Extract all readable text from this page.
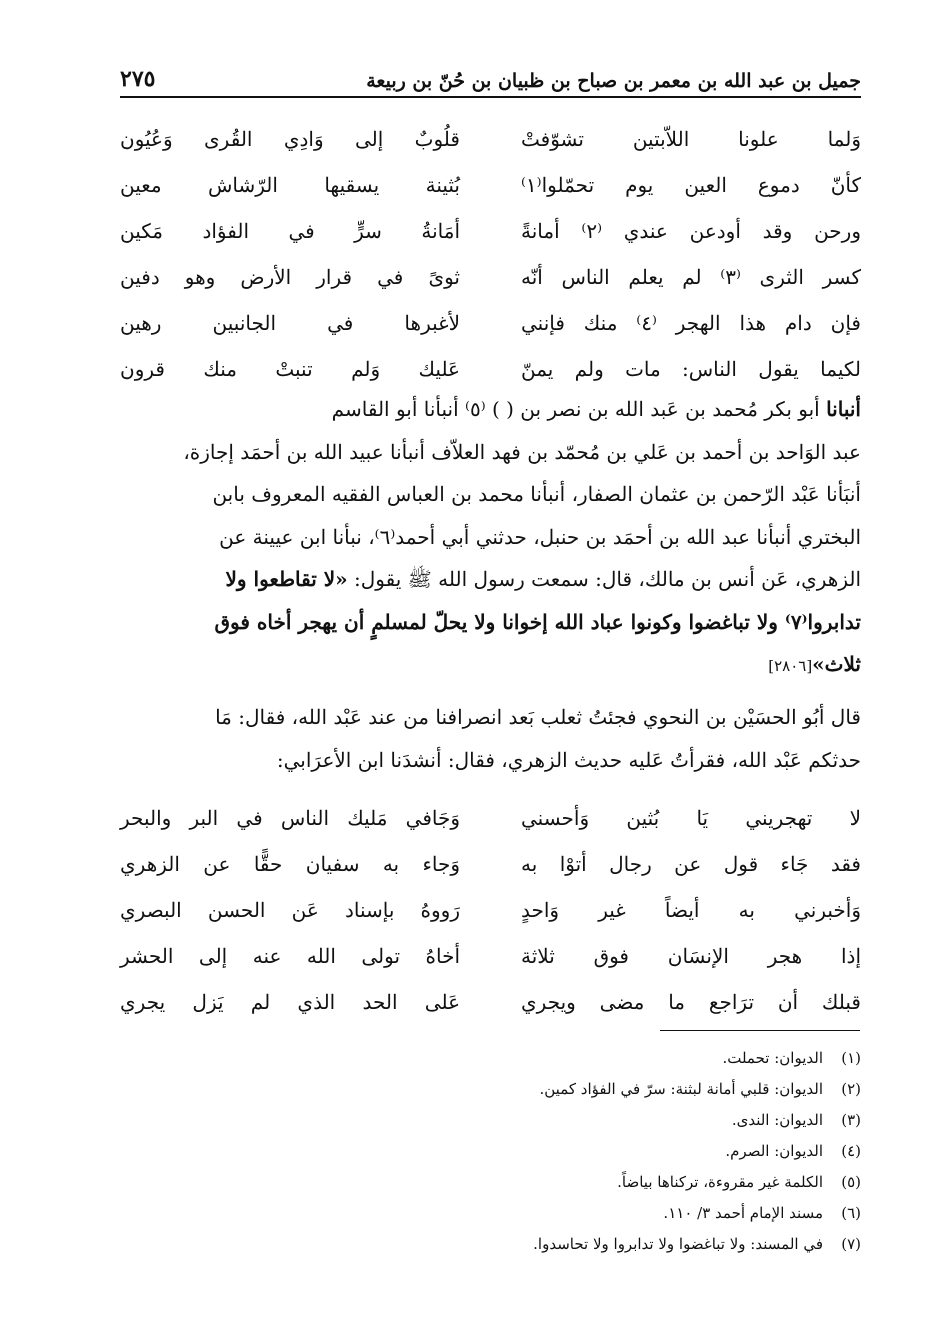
جميل بن عبد الله بن معمر بن صباح بن ظبيان بن حُنّ بن ربيعة
٢٧٥
وَلما علونا اللاّبتين تشوّفتْ
قلُوبٌ إلى وَادِي القُرى وَعُيُون
كأنّ دموع العين يوم تحمّلوا⁽١⁾
بُثينة يسقيها الرّشاش معين
ورحن وقد أودعن عندي ⁽٢⁾ أمانةً
أمَانةُ سرٍّ في الفؤاد مَكين
كسر الثرى ⁽٣⁾ لم يعلم الناس أنّه
ثوىً في قرار الأرض وهو دفين
فإن دام هذا الهجر ⁽٤⁾ منك فإنني
لأغبرها في الجانبين رهين
لكيما يقول الناس: مات ولم يمنّ
عَليك وَلم تنبتْ منك قرون
أنبانا أبو بكر مُحمد بن عَبد الله بن نصر بن ( ) ⁽٥⁾ أنبأنا أبو القاسم
عبد الوَاحد بن أحمد بن عَلي بن مُحمّد بن فهد العلاّف أنبأنا عبيد الله بن أحمَد إجازة،
أنبَأنا عَبْد الرّحمن بن عثمان الصفار، أنبأنا محمد بن العباس الفقيه المعروف بابن
البختري أنبأنا عبد الله بن أحمَد بن حنبل، حدثني أبي أحمد⁽٦⁾، نبأنا ابن عيينة عن
الزهري، عَن أنس بن مالك، قال: سمعت رسول الله ﷺ يقول: «لا تقاطعوا ولا
تدابروا⁽٧⁾ ولا تباغضوا وكونوا عباد الله إخوانا ولا يحلّ لمسلمٍ أن يهجر أخاه فوق
ثلاث»[٢٨٠٦]
قال أبُو الحسَيْن بن النحوي فجئتُ ثعلب بَعد انصرافنا من عند عَبْد الله، فقال: مَا
حدثكم عَبْد الله، فقرأتُ عَليه حديث الزهري، فقال: أنشدَنا ابن الأعرَابي:
لا تهجريني يَا بُثين وَأحسني
وَجَافي مَليك الناس في البر والبحر
فقد جَاء قول عن رجال أتوْا به
وَجاء به سفيان حقًّا عن الزهري
وَأخبرني به أيضاً غير وَاحدٍ
رَووهُ بإسناد عَن الحسن البصري
إذا هجر الإنسَان فوق ثلاثة
أخاهُ تولى الله عنه إلى الحشر
قبلك أن ترَاجع ما مضى ويجري
عَلى الحد الذي لم يَزل يجري
(١)الديوان: تحملت.
(٢)الديوان: قلبي أمانة لبثنة: سرّ في الفؤاد كمين.
(٣)الديوان: الندى.
(٤)الديوان: الصرم.
(٥)الكلمة غير مقروءة، تركناها بياضاً.
(٦)مسند الإمام أحمد ٣/ ١١٠.
(٧)في المسند: ولا تباغضوا ولا تدابروا ولا تحاسدوا.
